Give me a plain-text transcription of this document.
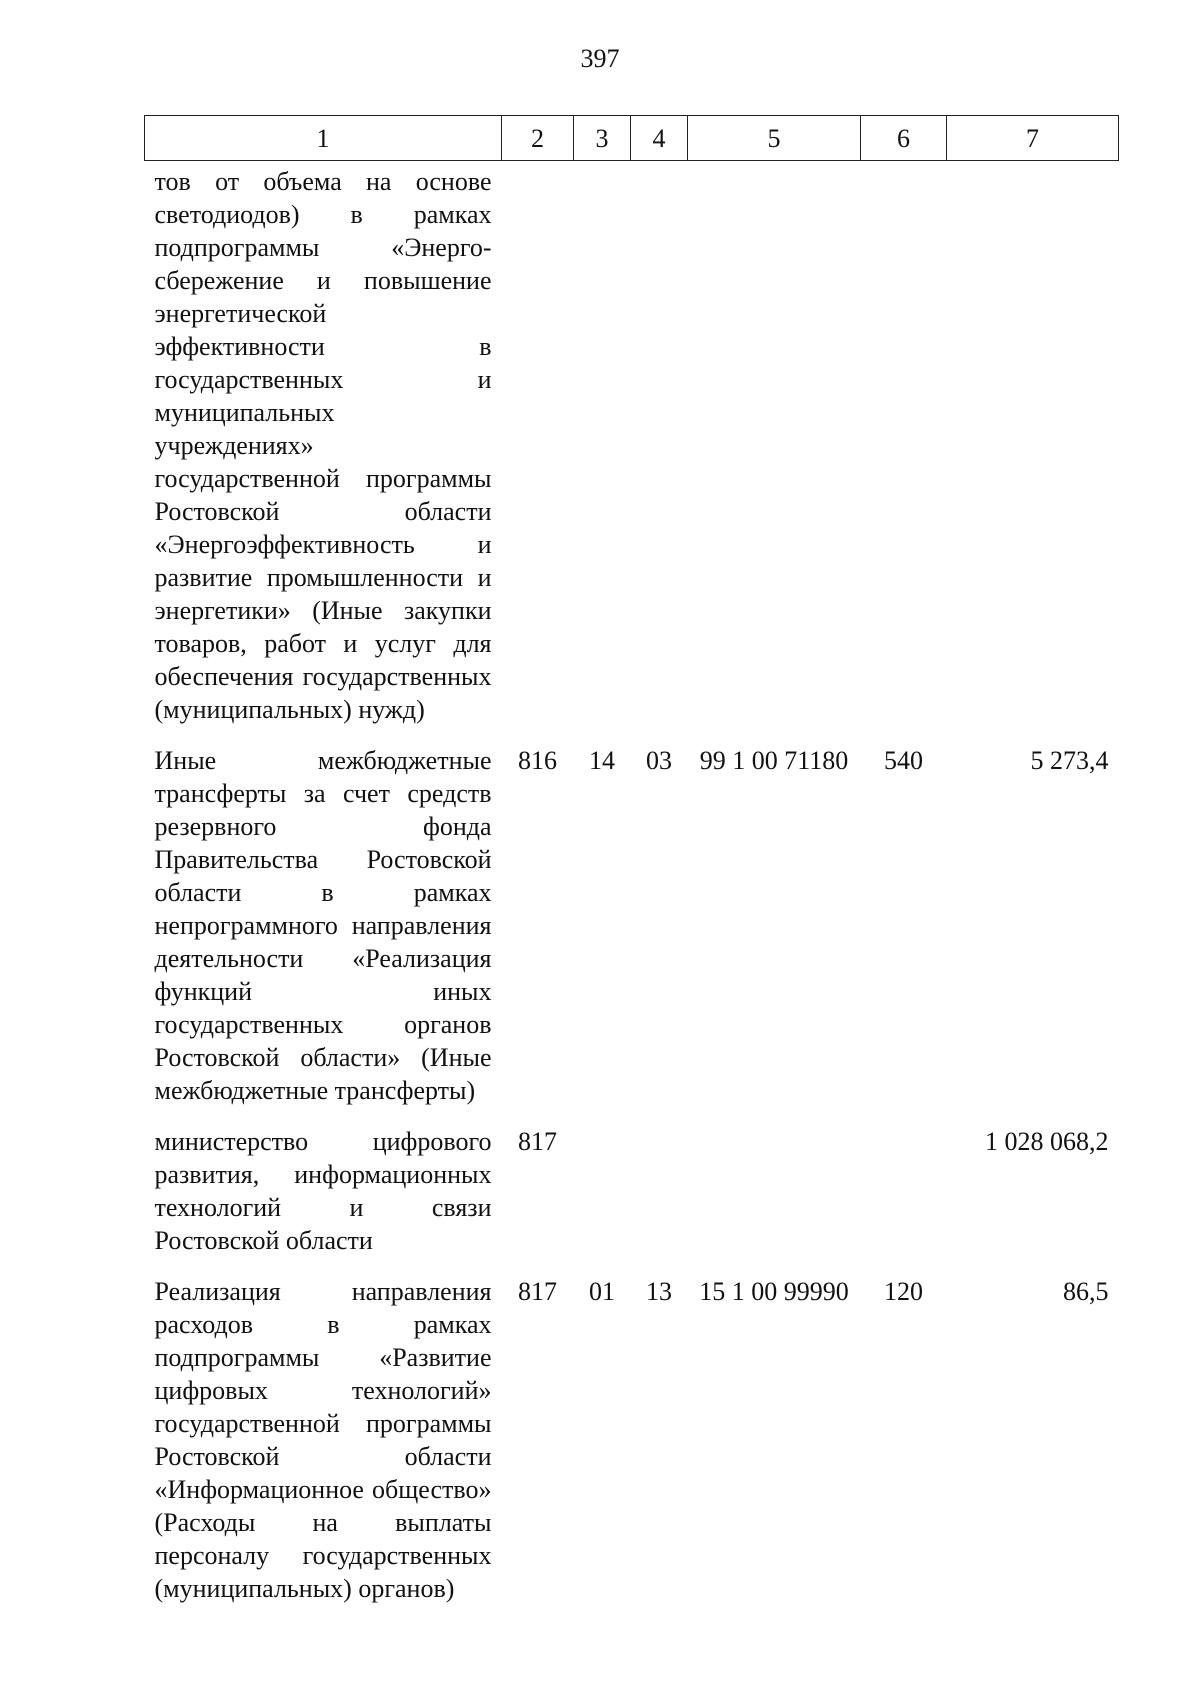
397
1	2	3	4	5	6	7
тов от объема на основе светодиодов) в рамках подпрограммы «Энерго-сбережение и повышение энергетической эффективности в государственных и муниципальных учреждениях» государственной программы Ростовской области «Энергоэффективность и развитие промышленности и энергетики» (Иные закупки товаров, работ и услуг для обеспечения государственных (муниципальных) нужд)						
Иные межбюджетные трансферты за счет средств резервного фонда Правительства Ростовской области в рамках непрограммного направления деятельности «Реализация функций иных государственных органов Ростовской области» (Иные межбюджетные трансферты)	816	14	03	99 1 00 71180	540	5 273,4
министерство цифрового развития, информационных технологий и связи Ростовской области	817					1 028 068,2
Реализация направления расходов в рамках подпрограммы «Развитие цифровых технологий» государственной программы Ростовской области «Информационное общество» (Расходы на выплаты персоналу государственных (муниципальных) органов)	817	01	13	15 1 00 99990	120	86,5
